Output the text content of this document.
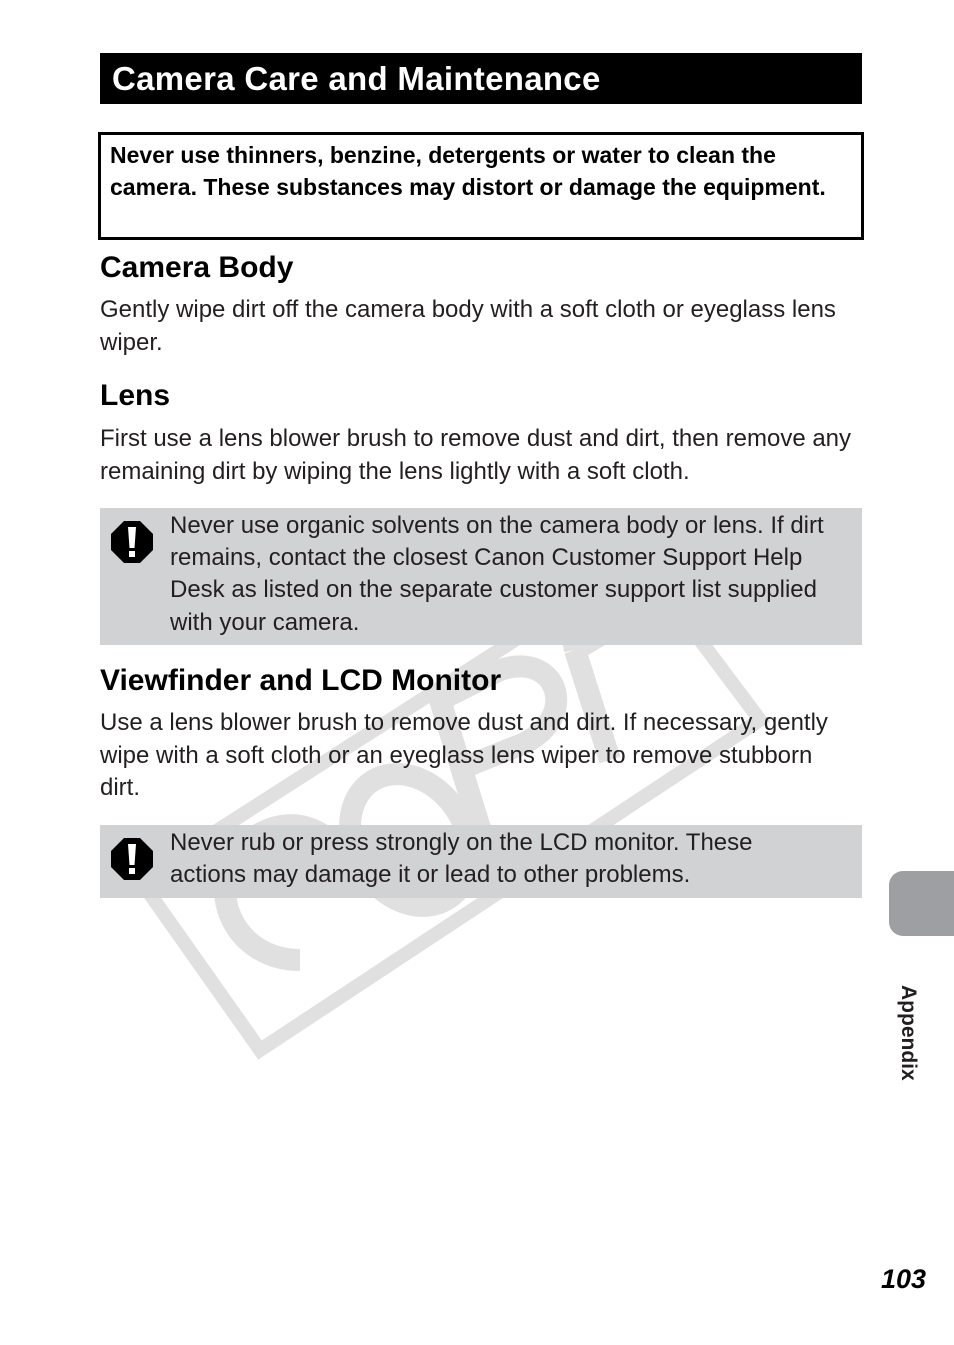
Camera Care and Maintenance

Never use thinners, benzine, detergents or water to clean the camera. These substances may distort or damage the equipment.

Camera Body

Gently wipe dirt off the camera body with a soft cloth or eyeglass lens wiper.

Lens

First use a lens blower brush to remove dust and dirt, then remove any remaining dirt by wiping the lens lightly with a soft cloth.

Never use organic solvents on the camera body or lens. If dirt remains, contact the closest Canon Customer Support Help Desk as listed on the separate customer support list supplied with your camera.

Viewfinder and LCD Monitor

Use a lens blower brush to remove dust and dirt. If necessary, gently wipe with a soft cloth or an eyeglass lens wiper to remove stubborn dirt.

Never rub or press strongly on the LCD monitor. These actions may damage it or lead to other problems.

Appendix

103
